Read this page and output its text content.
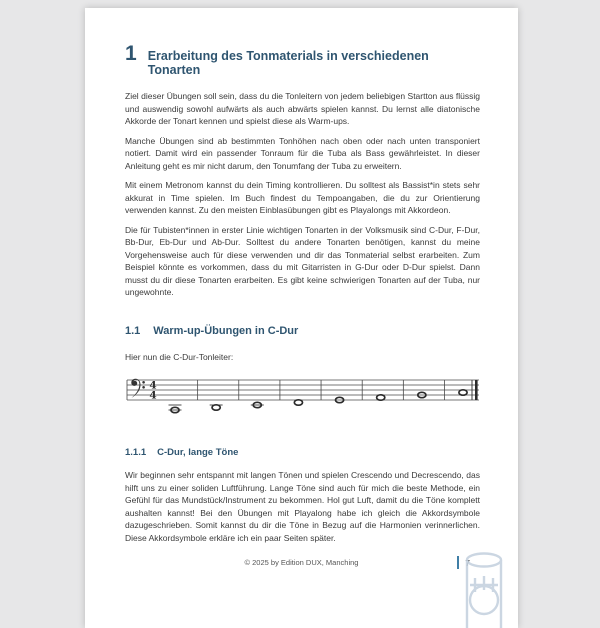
1 Erarbeitung des Tonmaterials in verschiedenen Tonarten

Ziel dieser Übungen soll sein, dass du die Tonleitern von jedem beliebigen Startton aus flüssig und auswendig sowohl aufwärts als auch abwärts spielen kannst. Du lernst alle diatonische Akkorde der Tonart kennen und spielst diese als Warm-ups.

Manche Übungen sind ab bestimmten Tonhöhen nach oben oder nach unten transponiert notiert. Damit wird ein passender Tonraum für die Tuba als Bass gewährleistet. In dieser Anleitung geht es mir nicht darum, den Tonumfang der Tuba zu erweitern.

Mit einem Metronom kannst du dein Timing kontrollieren. Du solltest als Bassist*in stets sehr akkurat in Time spielen. Im Buch findest du Tempoangaben, die du zur Orientierung verwenden kannst. Zu den meisten Einblasübungen gibt es Playalongs mit Akkordeon.

Die für Tubisten*innen in erster Linie wichtigen Tonarten in der Volksmusik sind C-Dur, F-Dur, Bb-Dur, Eb-Dur und Ab-Dur. Solltest du andere Tonarten benötigen, kannst du meine Vorgehensweise auch für diese verwenden und dir das Tonmaterial selbst erarbeiten. Zum Beispiel könnte es vorkommen, dass du mit Gitarristen in G-Dur oder D-Dur spielst. Dann musst du dir diese Tonarten erarbeiten. Es gibt keine schwierigen Tonarten auf der Tuba, nur ungewohnte.

1.1 Warm-up-Übungen in C-Dur

Hier nun die C-Dur-Tonleiter:

4
4
1.1.1 C-Dur, lange Töne

Wir beginnen sehr entspannt mit langen Tönen und spielen Crescendo und Decrescendo, das hilft uns zu einer soliden Luftführung. Lange Töne sind auch für mich die beste Methode, ein Gefühl für das Mundstück/Instrument zu bekommen. Hol gut Luft, damit du die Töne komplett aushalten kannst! Bei den Übungen mit Playalong habe ich gleich die Akkordsymbole dazugeschrieben. Somit kannst du dir die Töne in Bezug auf die Harmonien verinnerlichen. Diese Akkordsymbole erkläre ich ein paar Seiten später.

© 2025 by Edition DUX, Manching	7
